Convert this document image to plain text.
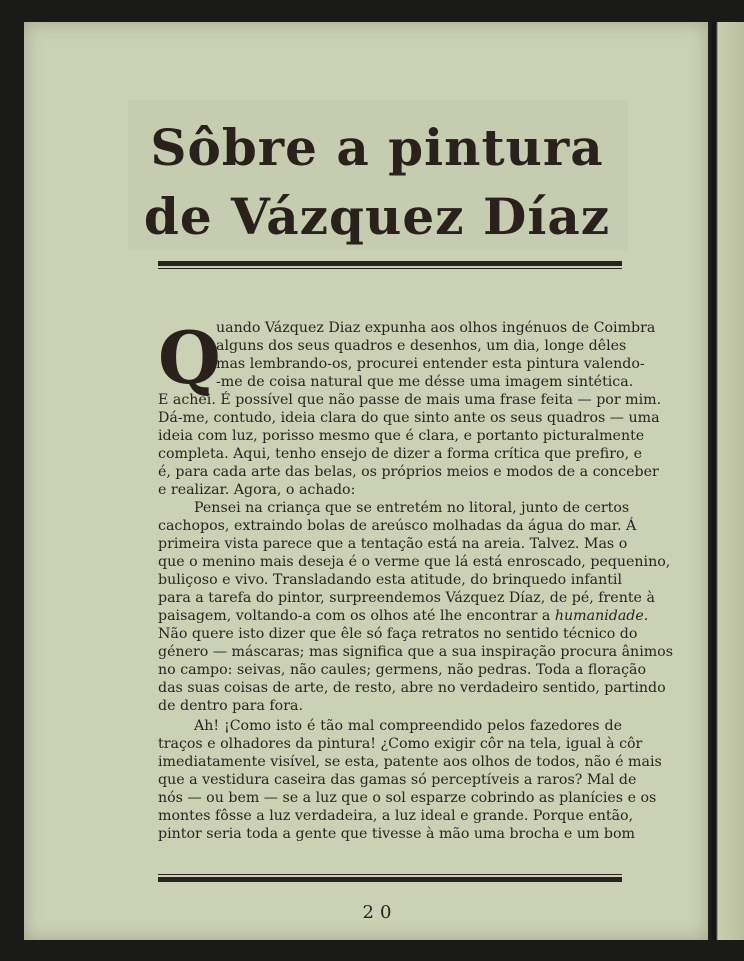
Sôbre a pintura
de Vázquez Díaz
Q

uando Vázquez Diaz expunha aos olhos ingénuos de Coimbra

alguns dos seus quadros e desenhos, um dia, longe dêles

mas lembrando-os, procurei entender esta pintura valendo-

-me de coisa natural que me désse uma imagem sintética.

E achei. É possível que não passe de mais uma frase feita — por mim.

Dá-me, contudo, ideia clara do que sinto ante os seus quadros — uma

ideia com luz, porisso mesmo que é clara, e portanto picturalmente

completa. Aqui, tenho ensejo de dizer a forma crítica que prefiro, e

é, para cada arte das belas, os próprios meios e modos de a conceber

e realizar. Agora, o achado:

Pensei na criança que se entretém no litoral, junto de certos

cachopos, extraindo bolas de areúsco molhadas da água do mar. Á

primeira vista parece que a tentação está na areia. Talvez. Mas o

que o menino mais deseja é o verme que lá está enroscado, pequenino,

buliçoso e vivo. Transladando esta atitude, do brinquedo infantil

para a tarefa do pintor, surpreendemos Vázquez Díaz, de pé, frente à

paisagem, voltando-a com os olhos até lhe encontrar a humanidade.

Não quere isto dizer que êle só faça retratos no sentido técnico do

género — máscaras; mas significa que a sua inspiração procura ânimos

no campo: seivas, não caules; germens, não pedras. Toda a floração

das suas coisas de arte, de resto, abre no verdadeiro sentido, partindo

de dentro para fora.

Ah! ¡Como isto é tão mal compreendido pelos fazedores de

traços e olhadores da pintura! ¿Como exigir côr na tela, igual à côr

imediatamente visível, se esta, patente aos olhos de todos, não é mais

que a vestidura caseira das gamas só perceptíveis a raros? Mal de

nós — ou bem — se a luz que o sol esparze cobrindo as planícies e os

montes fôsse a luz verdadeira, a luz ideal e grande. Porque então,

pintor seria toda a gente que tivesse à mão uma brocha e um bom

20
